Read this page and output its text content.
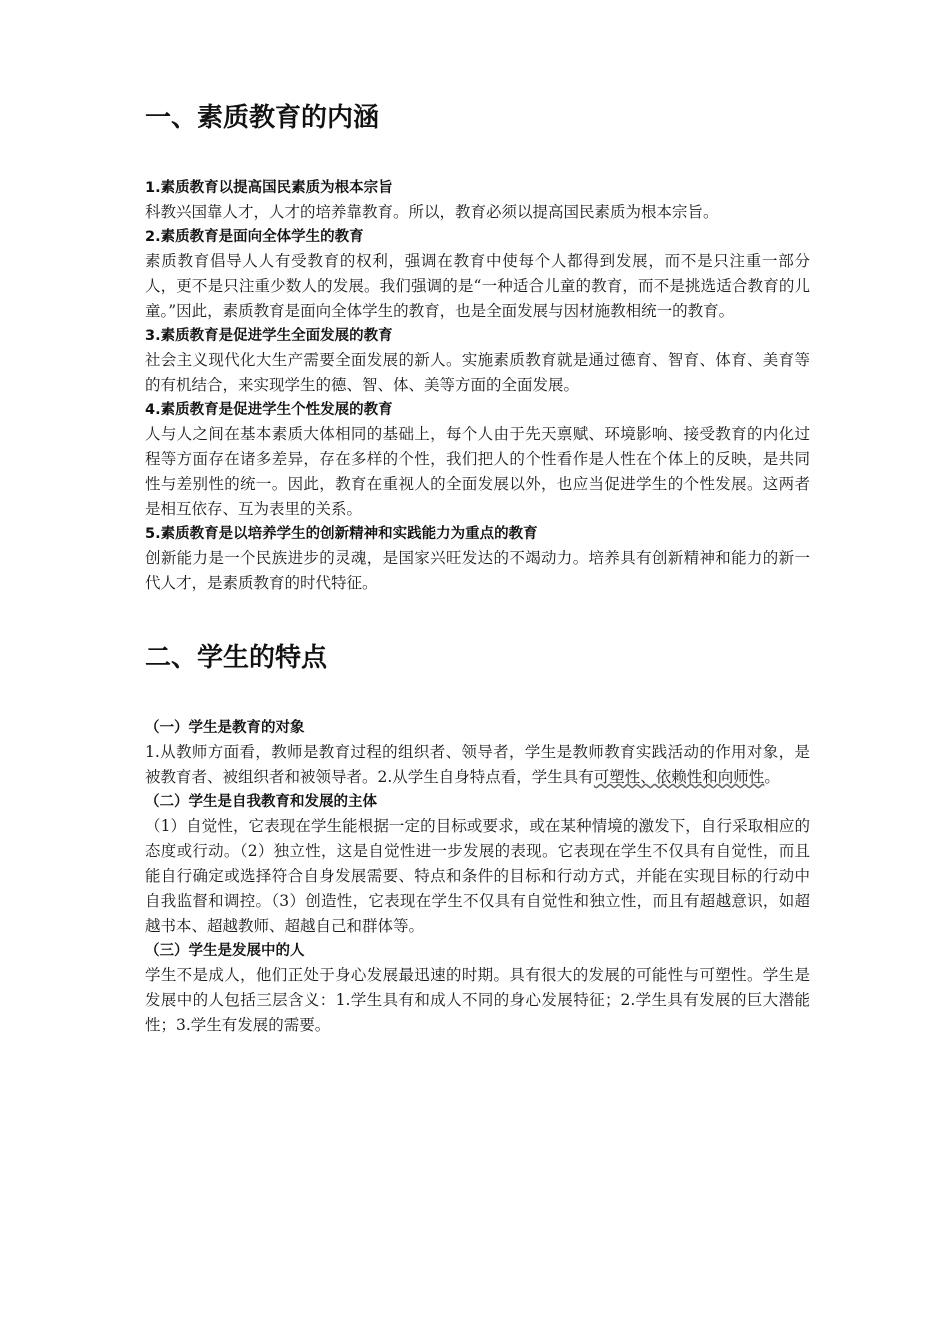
一、素质教育的内涵
1.素质教育以提高国民素质为根本宗旨

科教兴国靠人才，人才的培养靠教育。所以，教育必须以提高国民素质为根本宗旨。

2.素质教育是面向全体学生的教育

素质教育倡导人人有受教育的权利，强调在教育中使每个人都得到发展，而不是只注重一部分人，更不是只注重少数人的发展。我们强调的是“一种适合儿童的教育，而不是挑选适合教育的儿童。”因此，素质教育是面向全体学生的教育，也是全面发展与因材施教相统一的教育。

3.素质教育是促进学生全面发展的教育

社会主义现代化大生产需要全面发展的新人。实施素质教育就是通过德育、智育、体育、美育等的有机结合，来实现学生的德、智、体、美等方面的全面发展。

4.素质教育是促进学生个性发展的教育

人与人之间在基本素质大体相同的基础上，每个人由于先天禀赋、环境影响、接受教育的内化过程等方面存在诸多差异，存在多样的个性，我们把人的个性看作是人性在个体上的反映，是共同性与差别性的统一。因此，教育在重视人的全面发展以外，也应当促进学生的个性发展。这两者是相互依存、互为表里的关系。

5.素质教育是以培养学生的创新精神和实践能力为重点的教育

创新能力是一个民族进步的灵魂，是国家兴旺发达的不竭动力。培养具有创新精神和能力的新一代人才，是素质教育的时代特征。

二、学生的特点
（一）学生是教育的对象

1.从教师方面看，教师是教育过程的组织者、领导者，学生是教师教育实践活动的作用对象，是被教育者、被组织者和被领导者。2.从学生自身特点看，学生具有可塑性、依赖性和向师性。

（二）学生是自我教育和发展的主体

（1）自觉性，它表现在学生能根据一定的目标或要求，或在某种情境的激发下，自行采取相应的态度或行动。（2）独立性，这是自觉性进一步发展的表现。它表现在学生不仅具有自觉性，而且能自行确定或选择符合自身发展需要、特点和条件的目标和行动方式，并能在实现目标的行动中自我监督和调控。（3）创造性，它表现在学生不仅具有自觉性和独立性，而且有超越意识，如超越书本、超越教师、超越自己和群体等。

（三）学生是发展中的人

学生不是成人，他们正处于身心发展最迅速的时期。具有很大的发展的可能性与可塑性。学生是发展中的人包括三层含义：1.学生具有和成人不同的身心发展特征；2.学生具有发展的巨大潜能性；3.学生有发展的需要。
